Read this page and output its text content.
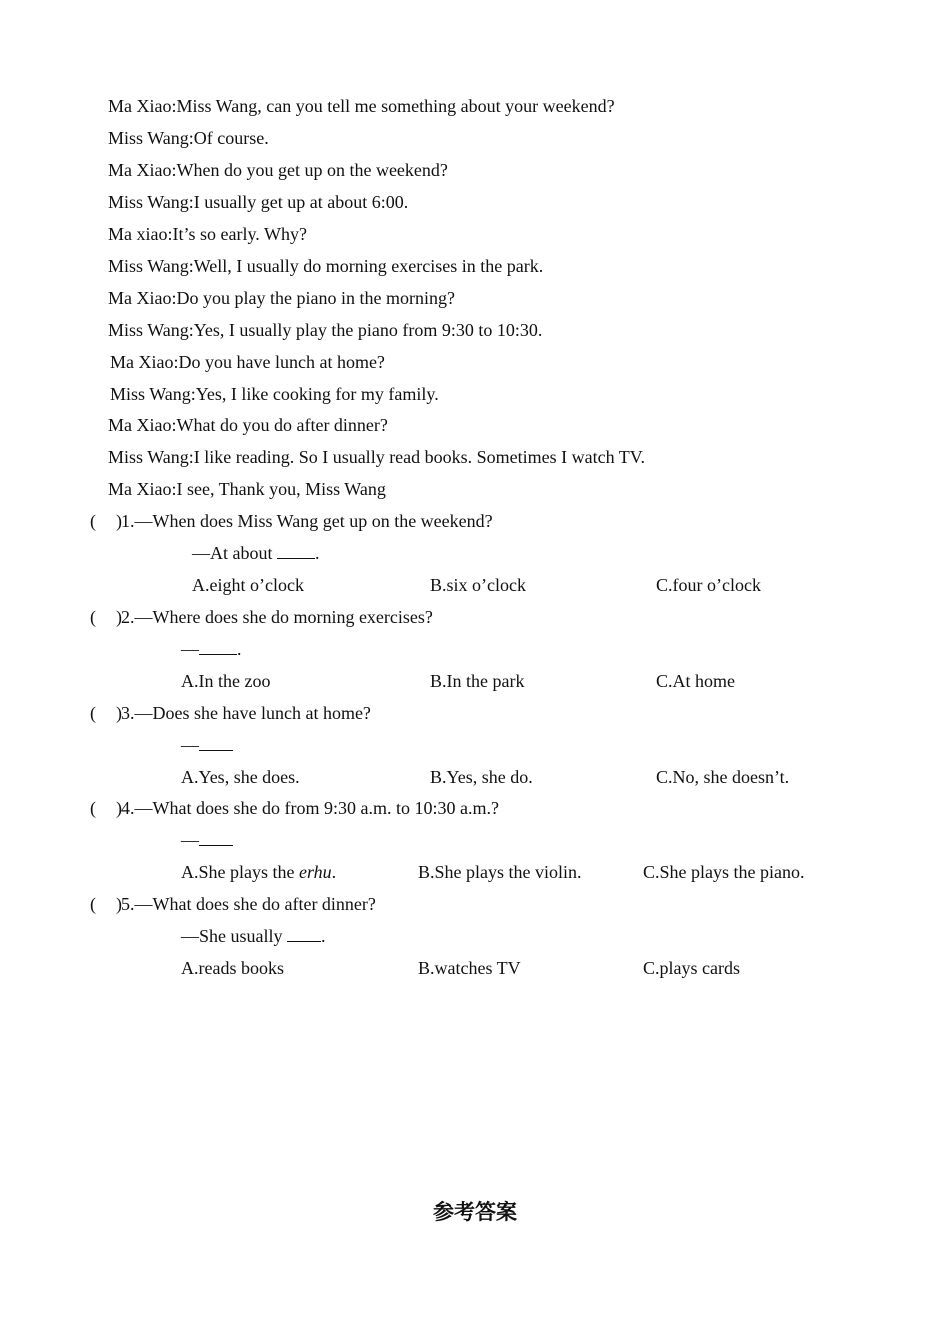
Ma Xiao:Miss Wang, can you tell me something about your weekend?
Miss Wang:Of course.
Ma Xiao:When do you get up on the weekend?
Miss Wang:I usually get up at about 6:00.
Ma xiao:It’s so early. Why?
Miss Wang:Well, I usually do morning exercises in the park.
Ma Xiao:Do you play the piano in the morning?
Miss Wang:Yes, I usually play the piano from 9:30 to 10:30.
Ma Xiao:Do you have lunch at home?
Miss Wang:Yes, I like cooking for my family.
Ma Xiao:What do you do after dinner?
Miss Wang:I like reading. So I usually read books. Sometimes I watch TV.
Ma Xiao:I see, Thank you, Miss Wang
( ) 1.—When does Miss Wang get up on the weekend?
—At about .
A.eight o’clock	B.six o’clock	C.four o’clock
( ) 2.—Where does she do morning exercises?
— .
A.In the zoo	B.In the park	C.At home
( ) 3.—Does she have lunch at home?
—
A.Yes, she does.	B.Yes, she do.	C.No, she doesn’t.
( ) 4.—What does she do from 9:30 a.m. to 10:30 a.m.?
—
A.She plays the erhu.	B.She plays the violin.	C.She plays the piano.
( ) 5.—What does she do after dinner?
—She usually .
A.reads books	B.watches TV	C.plays cards
参考答案
